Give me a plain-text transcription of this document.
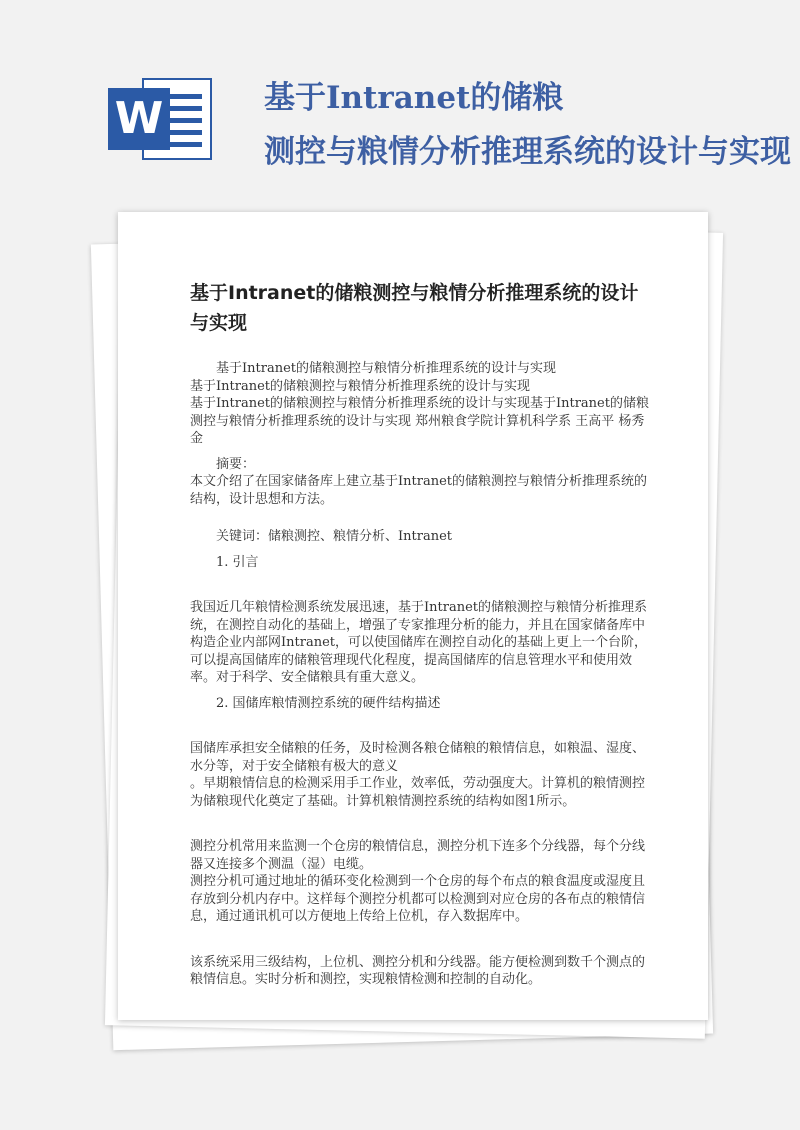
W	基于Intranet的储粮
测控与粮情分析推理系统的设计与实现
基于Intranet的储粮测控与粮情分析推理系统的设计与实现

基于Intranet的储粮测控与粮情分析推理系统的设计与实现

基于Intranet的储粮测控与粮情分析推理系统的设计与实现

基于Intranet的储粮测控与粮情分析推理系统的设计与实现基于Intranet的储粮测控与粮情分析推理系统的设计与实现 郑州粮食学院计算机科学系 王高平 杨秀金

摘要：

本文介绍了在国家储备库上建立基于Intranet的储粮测控与粮情分析推理系统的结构，设计思想和方法。

关键词：储粮测控、粮情分析、Intranet

1. 引言

我国近几年粮情检测系统发展迅速，基于Intranet的储粮测控与粮情分析推理系统，在测控自动化的基础上，增强了专家推理分析的能力，并且在国家储备库中构造企业内部网Intranet，可以使国储库在测控自动化的基础上更上一个台阶，可以提高国储库的储粮管理现代化程度，提高国储库的信息管理水平和使用效率。对于科学、安全储粮具有重大意义。

2. 国储库粮情测控系统的硬件结构描述

国储库承担安全储粮的任务，及时检测各粮仓储粮的粮情信息，如粮温、湿度、水分等，对于安全储粮有极大的意义

。早期粮情信息的检测采用手工作业，效率低，劳动强度大。计算机的粮情测控为储粮现代化奠定了基础。计算机粮情测控系统的结构如图1所示。

测控分机常用来监测一个仓房的粮情信息，测控分机下连多个分线器，每个分线器又连接多个测温（湿）电缆。

测控分机可通过地址的循环变化检测到一个仓房的每个布点的粮食温度或湿度且存放到分机内存中。这样每个测控分机都可以检测到对应仓房的各布点的粮情信息，通过通讯机可以方便地上传给上位机，存入数据库中。

该系统采用三级结构，上位机、测控分机和分线器。能方便检测到数千个测点的粮情信息。实时分析和测控，实现粮情检测和控制的自动化。
